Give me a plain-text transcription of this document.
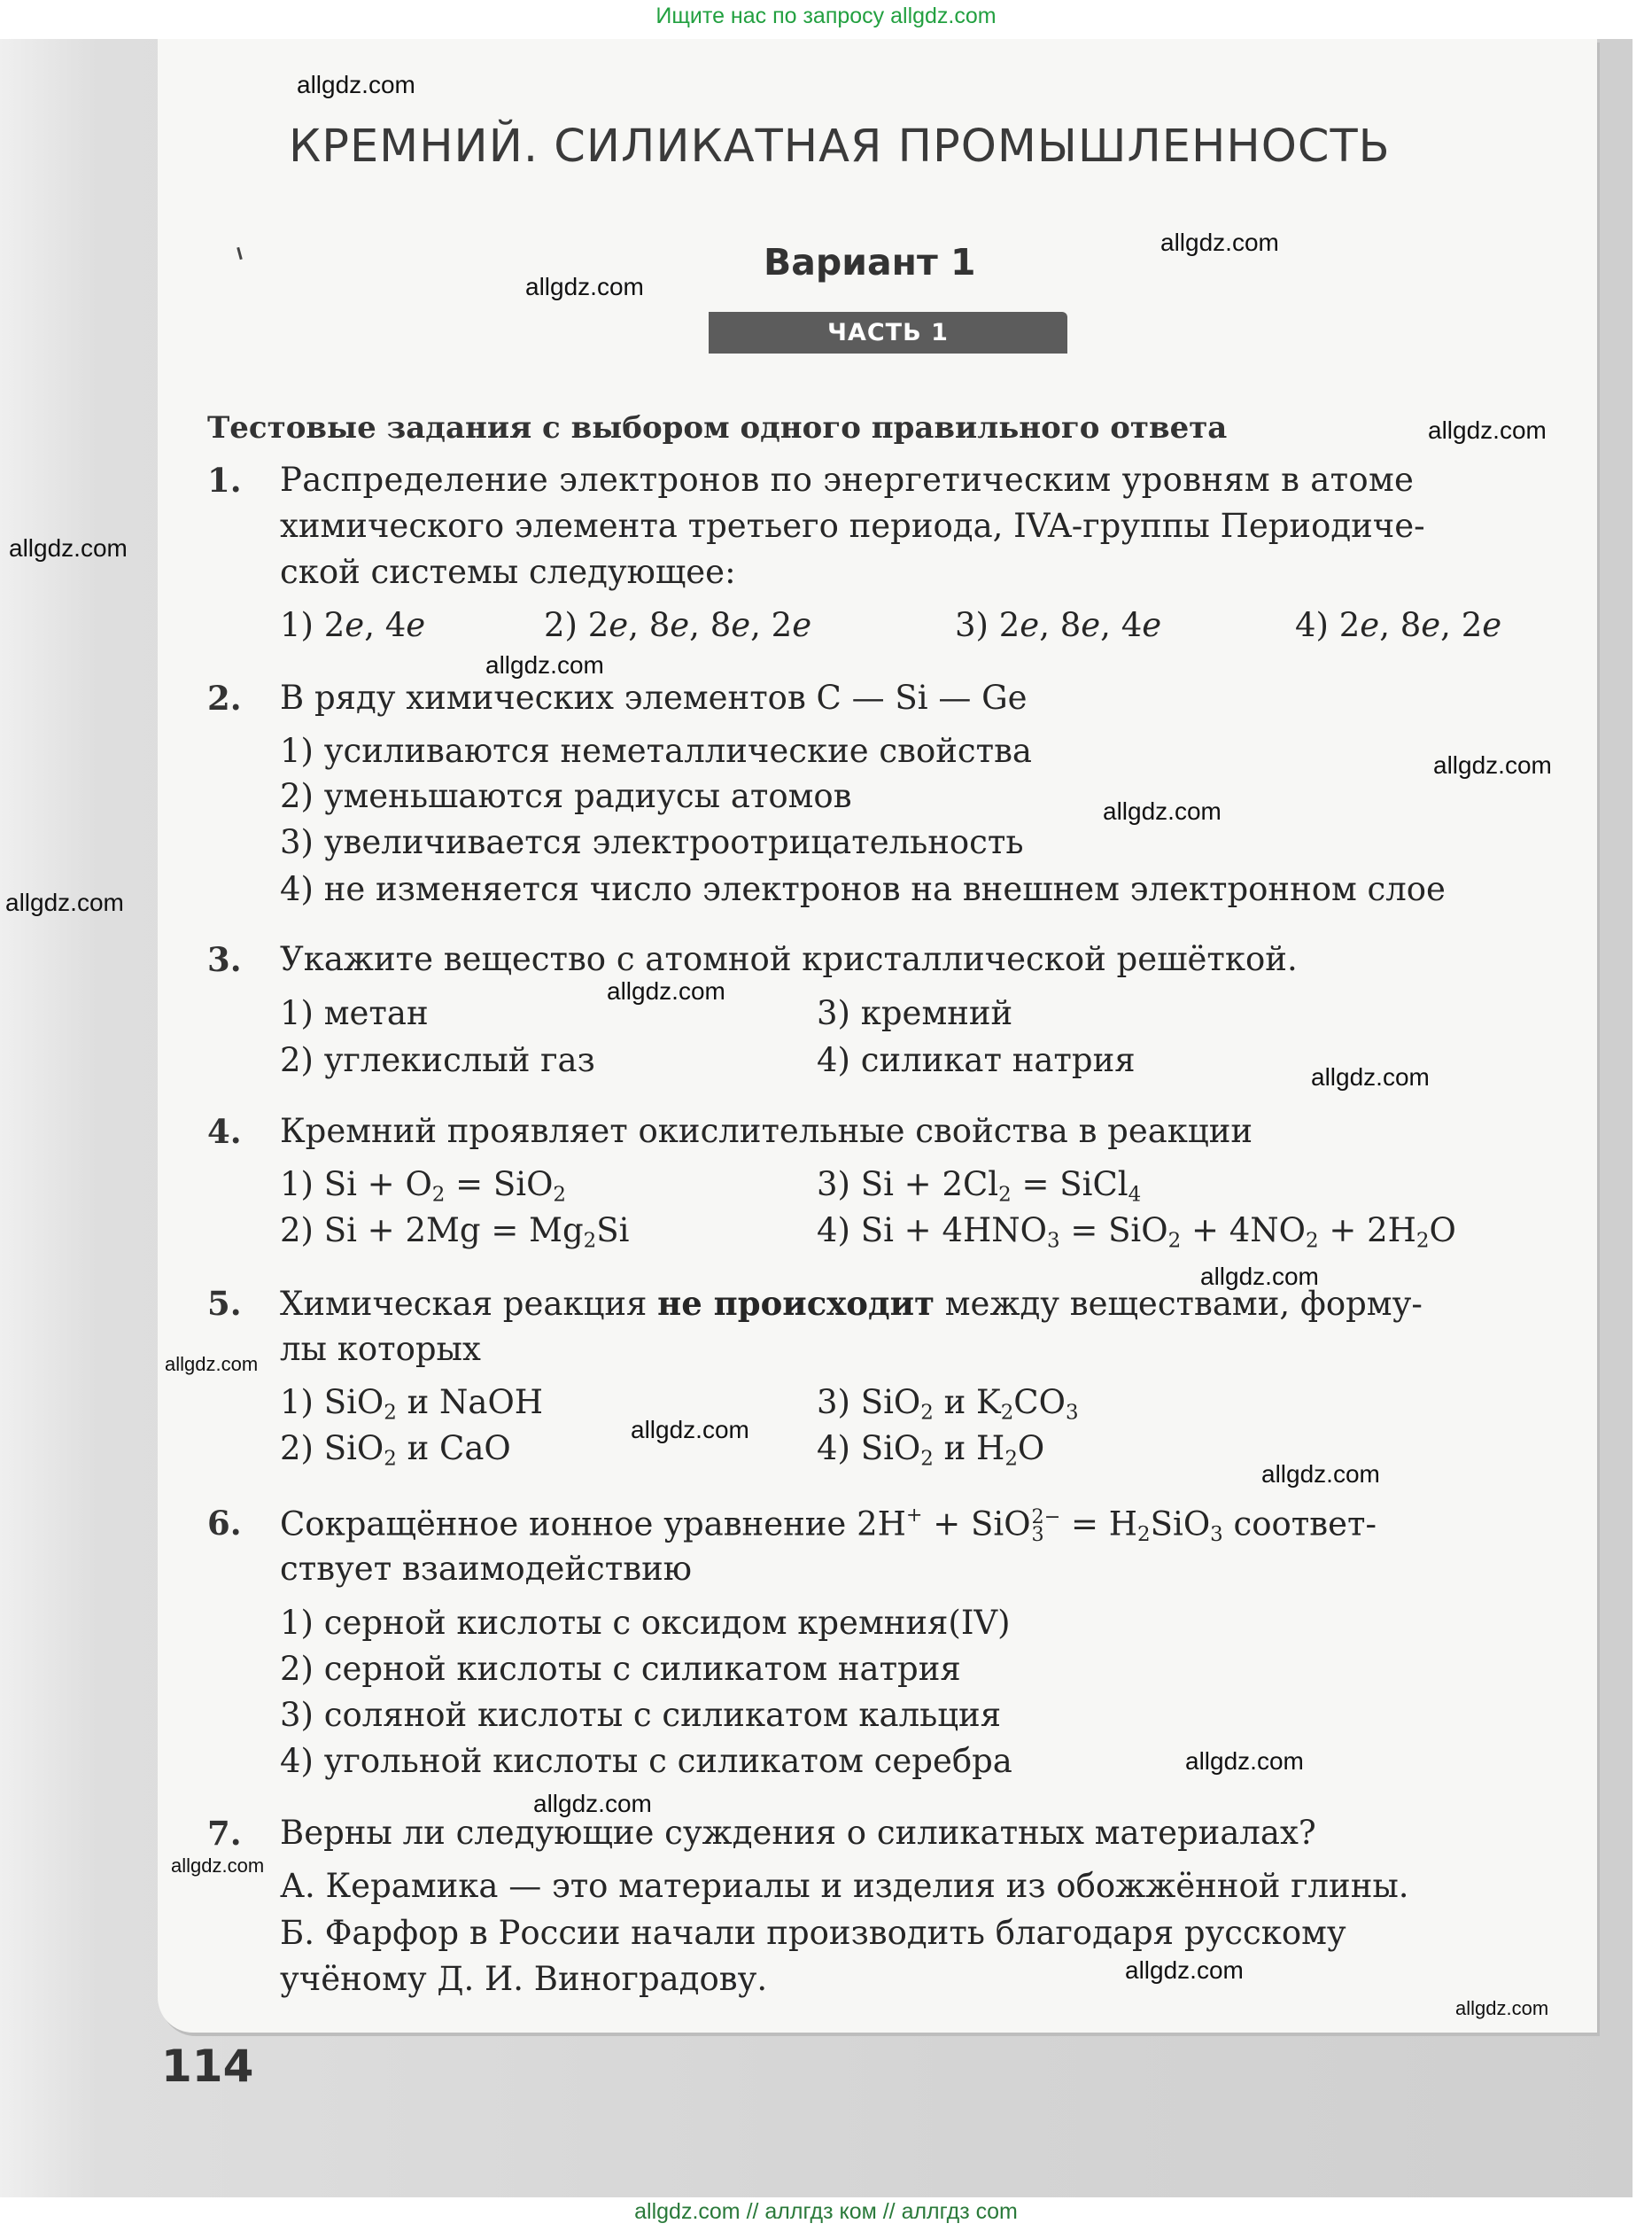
Ищите нас по запросу allgdz.com
КРЕМНИЙ. СИЛИКАТНАЯ ПРОМЫШЛЕННОСТЬ
Вариант 1
ЧАСТЬ 1
Тестовые задания с выбором одного правильного ответа
1. Распределение электронов по энергетическим уровням в атоме
химического элемента третьего периода, IVA-группы Периодиче-
ской системы следующее:
1) 2e, 4e	2) 2e, 8e, 8e, 2e	3) 2e, 8e, 4e	4) 2e, 8e, 2e
2. В ряду химических элементов C — Si — Ge
1) усиливаются неметаллические свойства
2) уменьшаются радиусы атомов
3) увеличивается электроотрицательность
4) не изменяется число электронов на внешнем электронном слое
3. Укажите вещество с атомной кристаллической решёткой.
1) метан	3) кремний
2) углекислый газ	4) силикат натрия
4. Кремний проявляет окислительные свойства в реакции
1) $Si + O_2 = SiO_2$	3) $Si + 2Cl_2$ = SiCl$_4$
2) $Si + 2Mg = Mg_2Si$	4) $Si + 4HNO_3 = SiO_2 + 4NO_2 + 2H_2O$
5. Химическая реакция не происходит между веществами, форму-
лы которых
1) SiO$_2$ и NaOH	3) SiO$_2$ и $K_2CO_3$
2) SiO$_2$ и CaO	4) SiO$_2$ и $H_2O$
6. Сокращённое ионное уравнение 2H+ + SiO 2−
$3 = H_2SiO_3$ соответ-
ствует взаимодействию
1) серной кислоты с оксидом кремния(IV)
2) серной кислоты с силикатом натрия
3) соляной кислоты с силикатом кальция
4) угольной кислоты с силикатом серебра
7. Верны ли следующие суждения о силикатных материалах?
А. Керамика — это материалы и изделия из обожжённой глины.
Б. Фарфор в России начали производить благодаря русскому
учёному Д. И. Виноградову.
114
allgdz.com
allgdz.com
allgdz.com
allgdz.com
allgdz.com
allgdz.com
allgdz.com
allgdz.com
allgdz.com
allgdz.com
allgdz.com
allgdz.com
allgdz.com
allgdz.com
allgdz.com
allgdz.com
allgdz.com
allgdz.com
allgdz.com
allgdz.com
allgdz.com // аллгдз ком // аллгдз com
